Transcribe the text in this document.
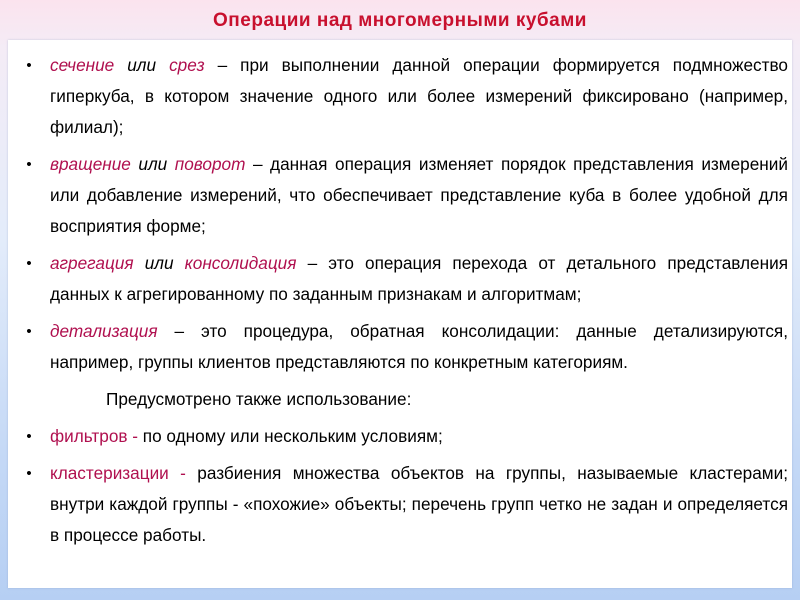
Операции над многомерными кубами
• сечение или срез – при выполнении данной операции формируется подмножество гиперкуба, в котором значение одного или более измерений фиксировано (например, филиал);
• вращение или поворот – данная операция изменяет порядок представления измерений или добавление измерений, что обеспечивает представление куба в более удобной для восприятия форме;
• агрегация или консолидация – это операция перехода от детального представления данных к агрегированному по заданным признакам и алгоритмам;
• детализация – это процедура, обратная консолидации: данные детализируются, например, группы клиентов представляются по конкретным категориям.
Предусмотрено также использование:
• фильтров - по одному или нескольким условиям;
• кластеризации - разбиения множества объектов на группы, называемые кластерами; внутри каждой группы - «похожие» объекты; перечень групп четко не задан и определяется в процессе работы.
